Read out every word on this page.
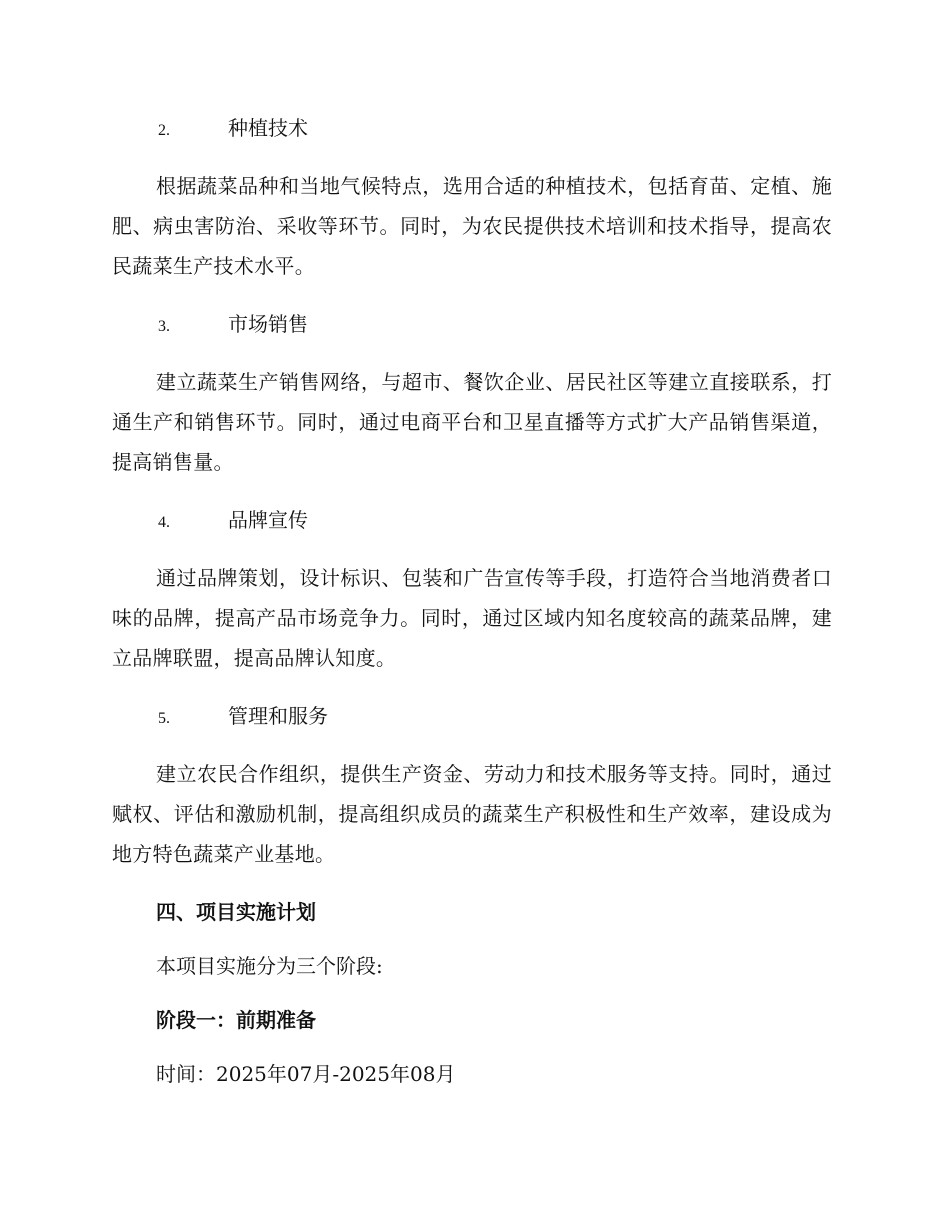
2.	种植技术

根据蔬菜品种和当地气候特点，选用合适的种植技术，包括育苗、定植、施肥、病虫害防治、采收等环节。同时，为农民提供技术培训和技术指导，提高农民蔬菜生产技术水平。

3.	市场销售

建立蔬菜生产销售网络，与超市、餐饮企业、居民社区等建立直接联系，打通生产和销售环节。同时，通过电商平台和卫星直播等方式扩大产品销售渠道，提高销售量。

4.	品牌宣传

通过品牌策划，设计标识、包装和广告宣传等手段，打造符合当地消费者口味的品牌，提高产品市场竞争力。同时，通过区域内知名度较高的蔬菜品牌，建立品牌联盟，提高品牌认知度。

5.	管理和服务

建立农民合作组织，提供生产资金、劳动力和技术服务等支持。同时，通过赋权、评估和激励机制，提高组织成员的蔬菜生产积极性和生产效率，建设成为地方特色蔬菜产业基地。

四、项目实施计划
本项目实施分为三个阶段:
阶段一：前期准备
时间：2025年07月-2025年08月
